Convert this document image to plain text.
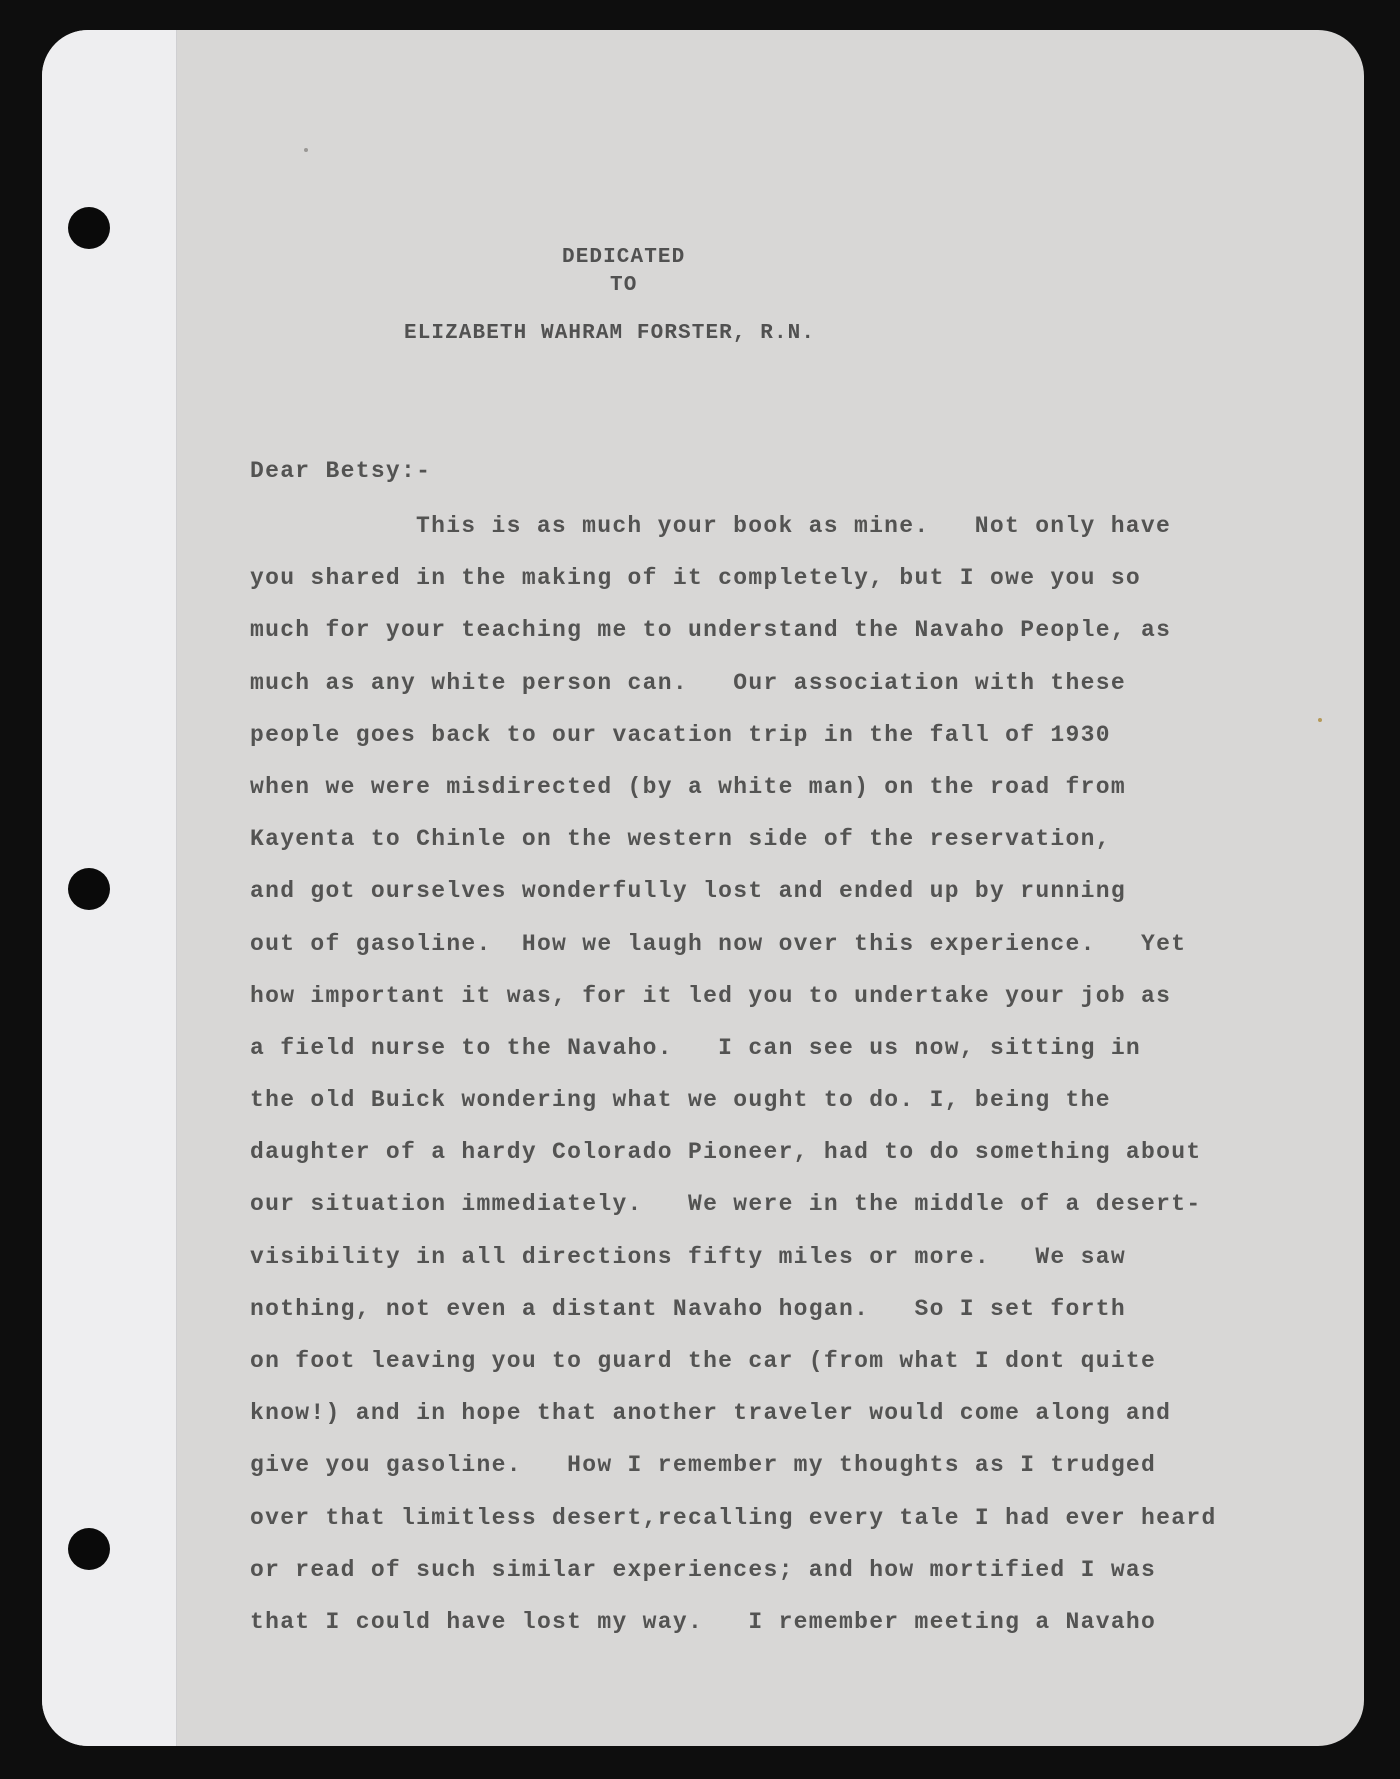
DEDICATED
TO
ELIZABETH WAHRAM FORSTER, R.N.
Dear Betsy:-
This is as much your book as mine.   Not only have
you shared in the making of it completely, but I owe you so
much for your teaching me to understand the Navaho People, as
much as any white person can.   Our association with these
people goes back to our vacation trip in the fall of 1930
when we were misdirected (by a white man) on the road from
Kayenta to Chinle on the western side of the reservation,
and got ourselves wonderfully lost and ended up by running
out of gasoline.  How we laugh now over this experience.   Yet
how important it was, for it led you to undertake your job as
a field nurse to the Navaho.   I can see us now, sitting in
the old Buick wondering what we ought to do. I, being the
daughter of a hardy Colorado Pioneer, had to do something about
our situation immediately.   We were in the middle of a desert-
visibility in all directions fifty miles or more.   We saw
nothing, not even a distant Navaho hogan.   So I set forth
on foot leaving you to guard the car (from what I dont quite
know!) and in hope that another traveler would come along and
give you gasoline.   How I remember my thoughts as I trudged
over that limitless desert,recalling every tale I had ever heard
or read of such similar experiences; and how mortified I was
that I could have lost my way.   I remember meeting a Navaho
